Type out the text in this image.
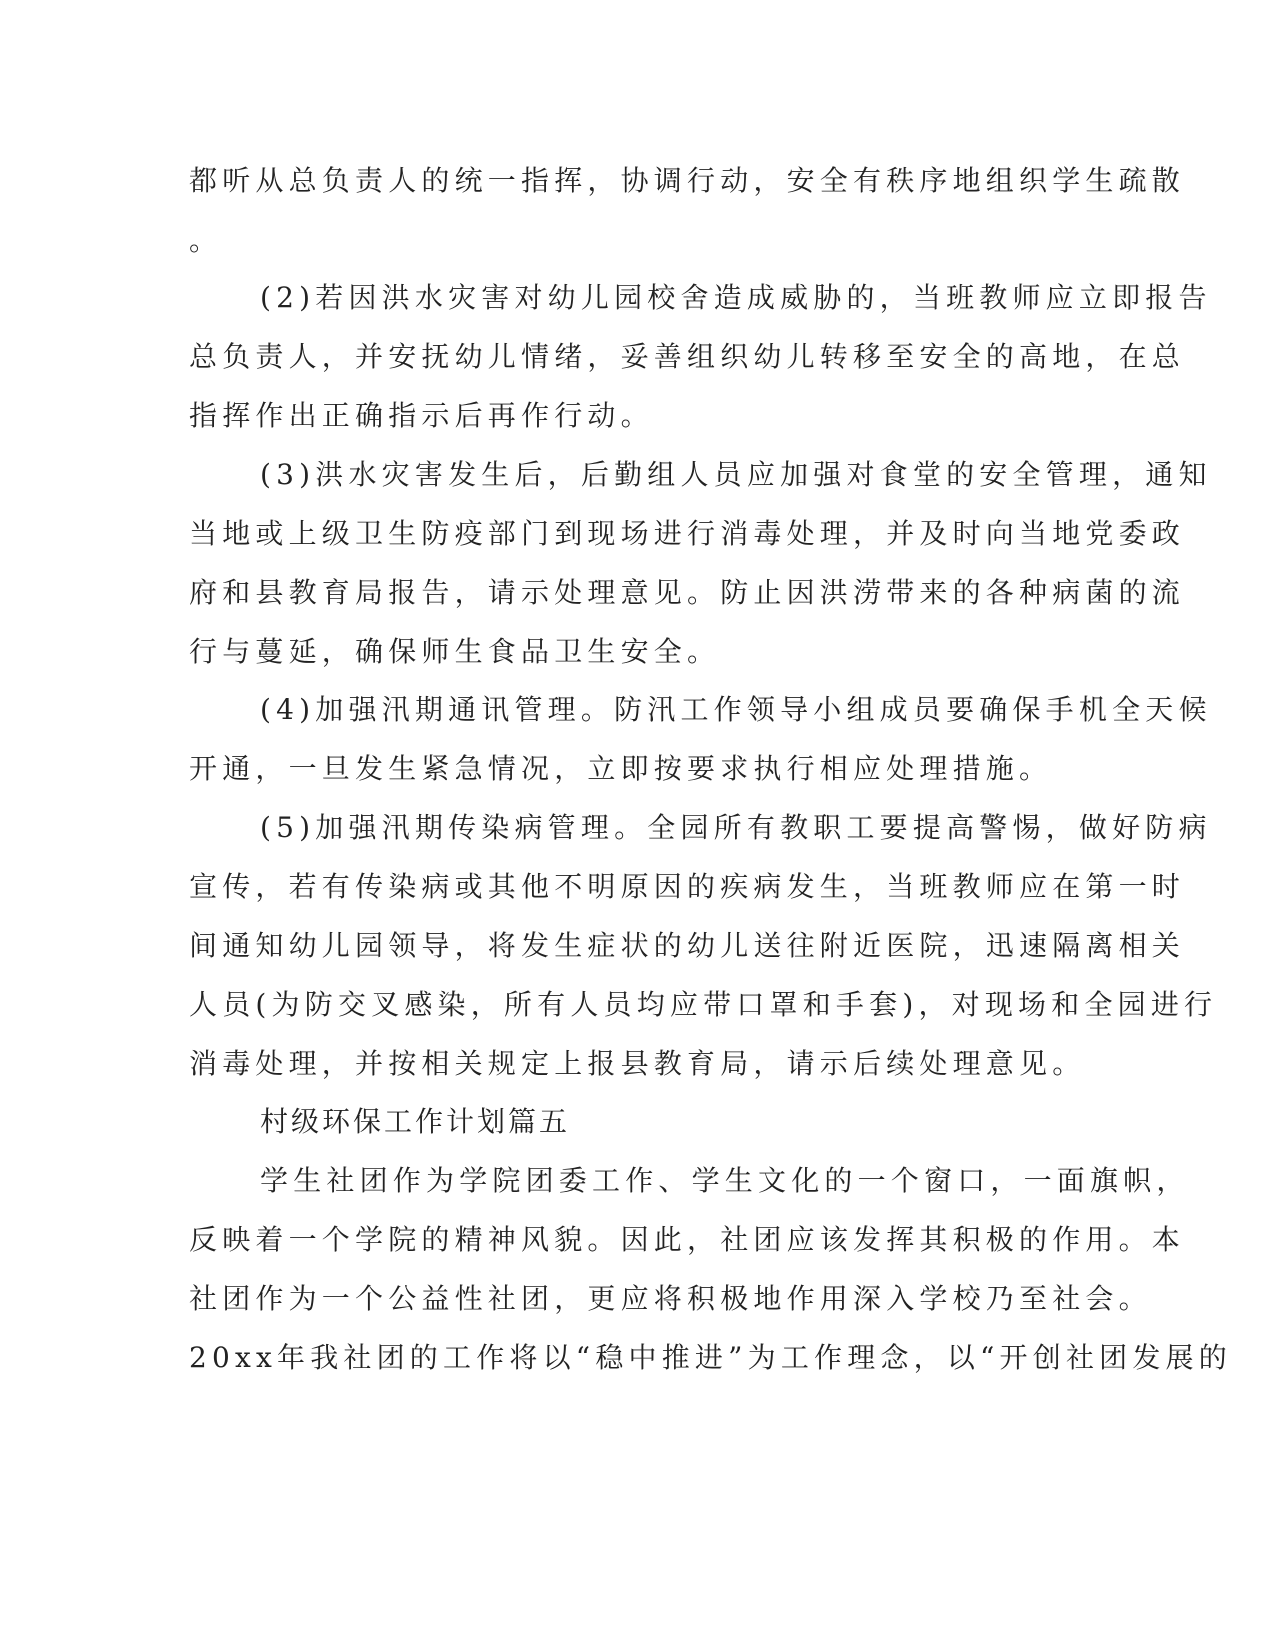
都听从总负责人的统一指挥，协调行动，安全有秩序地组织学生疏散

。

(2)若因洪水灾害对幼儿园校舍造成威胁的，当班教师应立即报告

总负责人，并安抚幼儿情绪，妥善组织幼儿转移至安全的高地，在总

指挥作出正确指示后再作行动。

(3)洪水灾害发生后，后勤组人员应加强对食堂的安全管理，通知

当地或上级卫生防疫部门到现场进行消毒处理，并及时向当地党委政

府和县教育局报告，请示处理意见。防止因洪涝带来的各种病菌的流

行与蔓延，确保师生食品卫生安全。

(4)加强汛期通讯管理。防汛工作领导小组成员要确保手机全天候

开通，一旦发生紧急情况，立即按要求执行相应处理措施。

(5)加强汛期传染病管理。全园所有教职工要提高警惕，做好防病

宣传，若有传染病或其他不明原因的疾病发生，当班教师应在第一时

间通知幼儿园领导，将发生症状的幼儿送往附近医院，迅速隔离相关

人员(为防交叉感染，所有人员均应带口罩和手套)，对现场和全园进行

消毒处理，并按相关规定上报县教育局，请示后续处理意见。

村级环保工作计划篇五

学生社团作为学院团委工作、学生文化的一个窗口，一面旗帜，

反映着一个学院的精神风貌。因此，社团应该发挥其积极的作用。本

社团作为一个公益性社团，更应将积极地作用深入学校乃至社会。

20xx年我社团的工作将以“稳中推进”为工作理念，以“开创社团发展的
